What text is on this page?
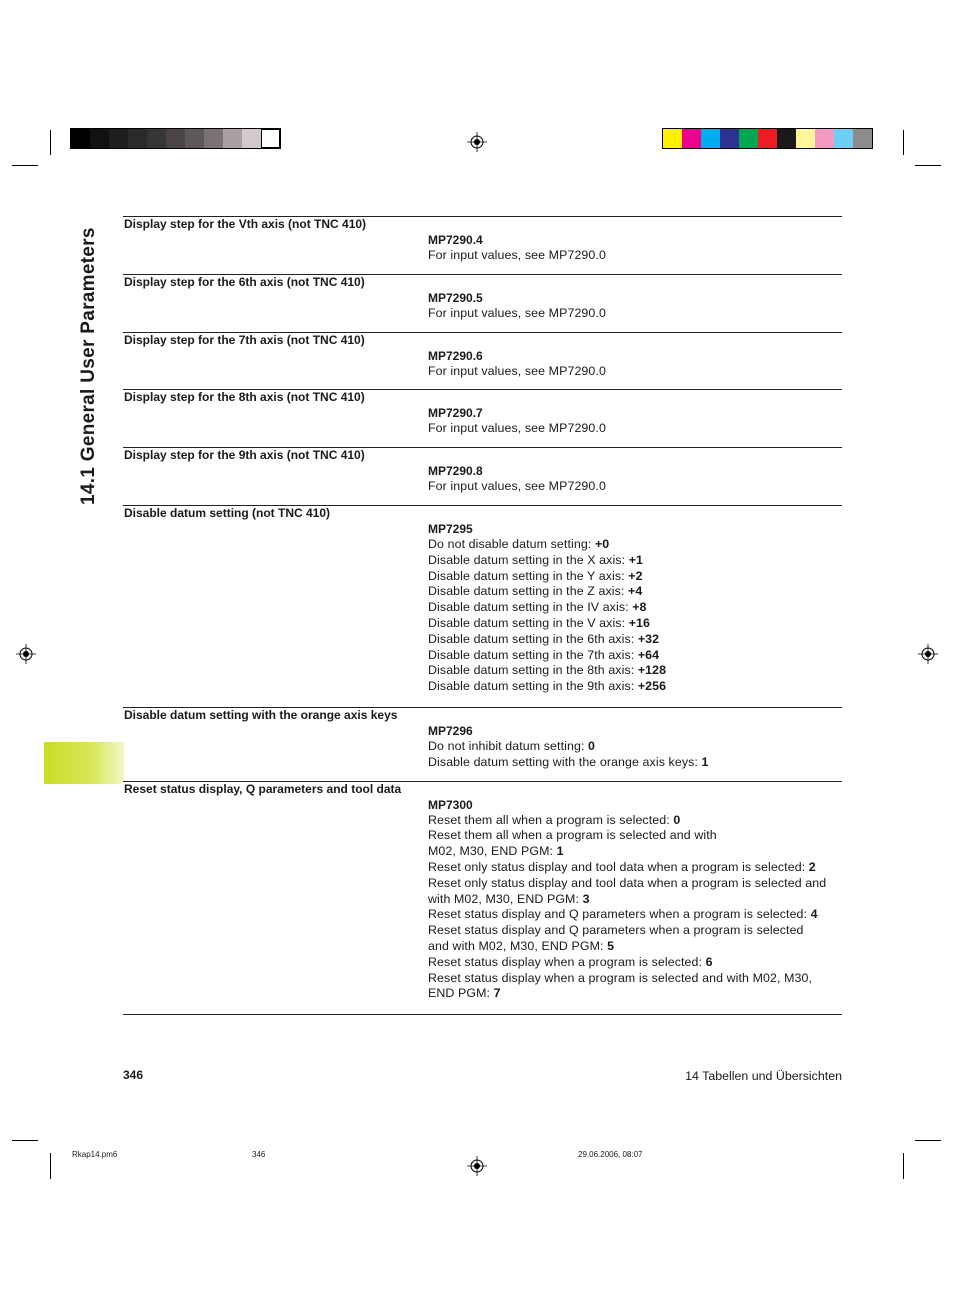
14.1 General User Parameters
Display step for the Vth axis (not TNC 410)
MP7290.4
For input values, see MP7290.0
Display step for the 6th axis (not TNC 410)
MP7290.5
For input values, see MP7290.0
Display step for the 7th axis (not TNC 410)
MP7290.6
For input values, see MP7290.0
Display step for the 8th axis (not TNC 410)
MP7290.7
For input values, see MP7290.0
Display step for the 9th axis (not TNC 410)
MP7290.8
For input values, see MP7290.0
Disable datum setting (not TNC 410)
MP7295
Do not disable datum setting: +0
Disable datum setting in the X axis: +1
Disable datum setting in the Y axis: +2
Disable datum setting in the Z axis: +4
Disable datum setting in the IV axis: +8
Disable datum setting in the V axis: +16
Disable datum setting in the 6th axis: +32
Disable datum setting in the 7th axis: +64
Disable datum setting in the 8th axis: +128
Disable datum setting in the 9th axis: +256
Disable datum setting with the orange axis keys
MP7296
Do not inhibit datum setting: 0
Disable datum setting with the orange axis keys: 1
Reset status display, Q parameters and tool data
MP7300
Reset them all when a program is selected: 0
Reset them all when a program is selected and with
M02, M30, END PGM: 1
Reset only status display and tool data when a program is selected: 2
Reset only status display and tool data when a program is selected and
with M02, M30, END PGM: 3
Reset status display and Q parameters when a program is selected: 4
Reset status display and Q parameters when a program is selected
and with M02, M30, END PGM: 5
Reset status display when a program is selected: 6
Reset status display when a program is selected and with M02, M30,
END PGM: 7
346	14 Tabellen und Übersichten
Rkap14.pm6	346	29.06.2006, 08:07
